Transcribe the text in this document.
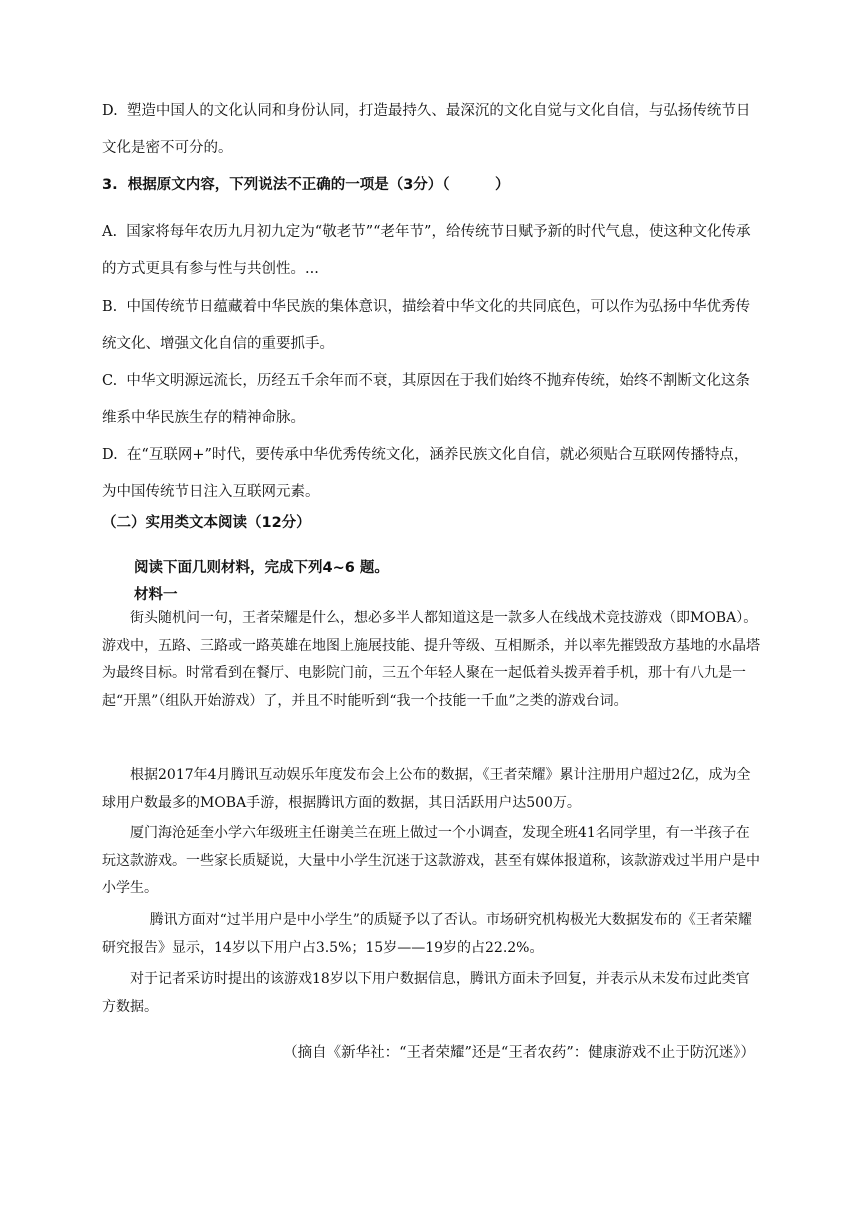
D.  塑造中国人的文化认同和身份认同，打造最持久、最深沉的文化自觉与文化自信，与弘扬传统节日文化是密不可分的。

3.  根据原文内容，下列说法不正确的一项是（3分）（         ）

A.  国家将每年农历九月初九定为“敬老节”“老年节”，给传统节日赋予新的时代气息，使这种文化传承的方式更具有参与性与共创性。...

B.  中国传统节日蕴藏着中华民族的集体意识，描绘着中华文化的共同底色，可以作为弘扬中华优秀传统文化、增强文化自信的重要抓手。

C.  中华文明源远流长，历经五千余年而不衰，其原因在于我们始终不抛弃传统，始终不割断文化这条维系中华民族生存的精神命脉。

D.  在“互联网+”时代，要传承中华优秀传统文化，涵养民族文化自信，就必须贴合互联网传播特点，为中国传统节日注入互联网元素。

（二）实用类文本阅读（12分）

阅读下面几则材料，完成下列4~6 题。

材料一

街头随机问一句，王者荣耀是什么，想必多半人都知道这是一款多人在线战术竞技游戏（即MOBA）。游戏中，五路、三路或一路英雄在地图上施展技能、提升等级、互相厮杀，并以率先摧毁敌方基地的水晶塔为最终目标。时常看到在餐厅、电影院门前，三五个年轻人聚在一起低着头拨弄着手机，那十有八九是一起“开黑”（组队开始游戏）了，并且不时能听到“我一个技能一千血”之类的游戏台词。

根据2017年4月腾讯互动娱乐年度发布会上公布的数据，《王者荣耀》累计注册用户超过2亿，成为全球用户数最多的MOBA手游，根据腾讯方面的数据，其日活跃用户达500万。

厦门海沧延奎小学六年级班主任谢美兰在班上做过一个小调查，发现全班41名同学里，有一半孩子在玩这款游戏。一些家长质疑说，大量中小学生沉迷于这款游戏，甚至有媒体报道称，该款游戏过半用户是中小学生。

腾讯方面对“过半用户是中小学生”的质疑予以了否认。市场研究机构极光大数据发布的《王者荣耀研究报告》显示，14岁以下用户占3.5%；15岁——19岁的占22.2%。

对于记者采访时提出的该游戏18岁以下用户数据信息，腾讯方面未予回复，并表示从未发布过此类官方数据。

（摘自《新华社：“王者荣耀”还是“王者农药”：健康游戏不止于防沉迷》）
